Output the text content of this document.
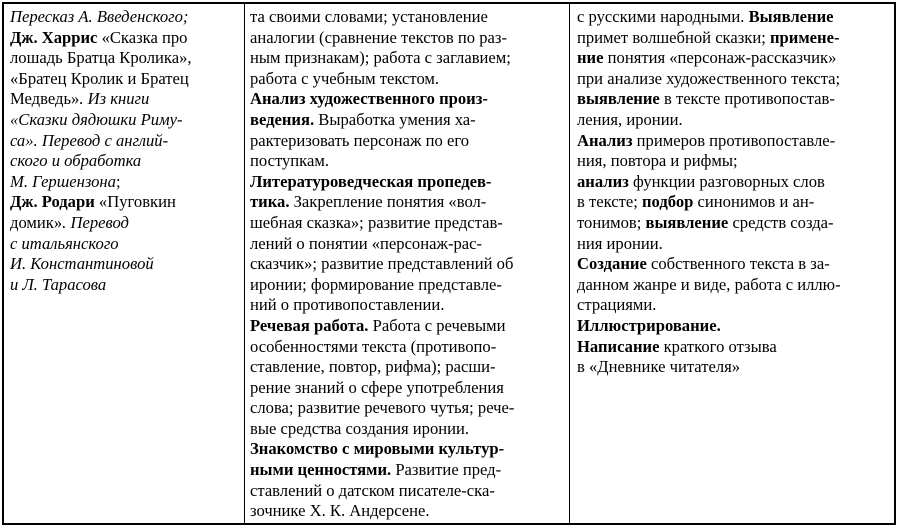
Пересказ А. Введенского;
Дж. Харрис «Сказка про
лошадь Братца Кролика»,
«Братец Кролик и Братец
Медведь». Из книги
«Сказки дядюшки Риму-
са». Перевод с англий-
ского и обработка
М. Гершензона;
Дж. Родари «Пуговкин
домик». Перевод
с итальянского
И. Константиновой
и Л. Тарасова
та своими словами; установление
аналогии (сравнение текстов по раз-
ным признакам); работа с заглавием;
работа с учебным текстом.
Анализ художественного произ-
ведения. Выработка умения ха-
рактеризовать персонаж по его
поступкам.
Литературоведческая пропедев-
тика. Закрепление понятия «вол-
шебная сказка»; развитие представ-
лений о понятии «персонаж-рас-
сказчик»; развитие представлений об
иронии; формирование представле-
ний о противопоставлении.
Речевая работа. Работа с речевыми
особенностями текста (противопо-
ставление, повтор, рифма); расши-
рение знаний о сфере употребления
слова; развитие речевого чутья; рече-
вые средства создания иронии.
Знакомство с мировыми культур-
ными ценностями. Развитие пред-
ставлений о датском писателе-ска-
зочнике Х. К. Андерсене.
с русскими народными. Выявление
примет волшебной сказки; примене-
ние понятия «персонаж-рассказчик»
при анализе художественного текста;
выявление в тексте противопостав-
ления, иронии.
Анализ примеров противопоставле-
ния, повтора и рифмы;
анализ функции разговорных слов
в тексте; подбор синонимов и ан-
тонимов; выявление средств созда-
ния иронии.
Создание собственного текста в за-
данном жанре и виде, работа с иллю-
страциями.
Иллюстрирование.
Написание краткого отзыва
в «Дневнике читателя»
